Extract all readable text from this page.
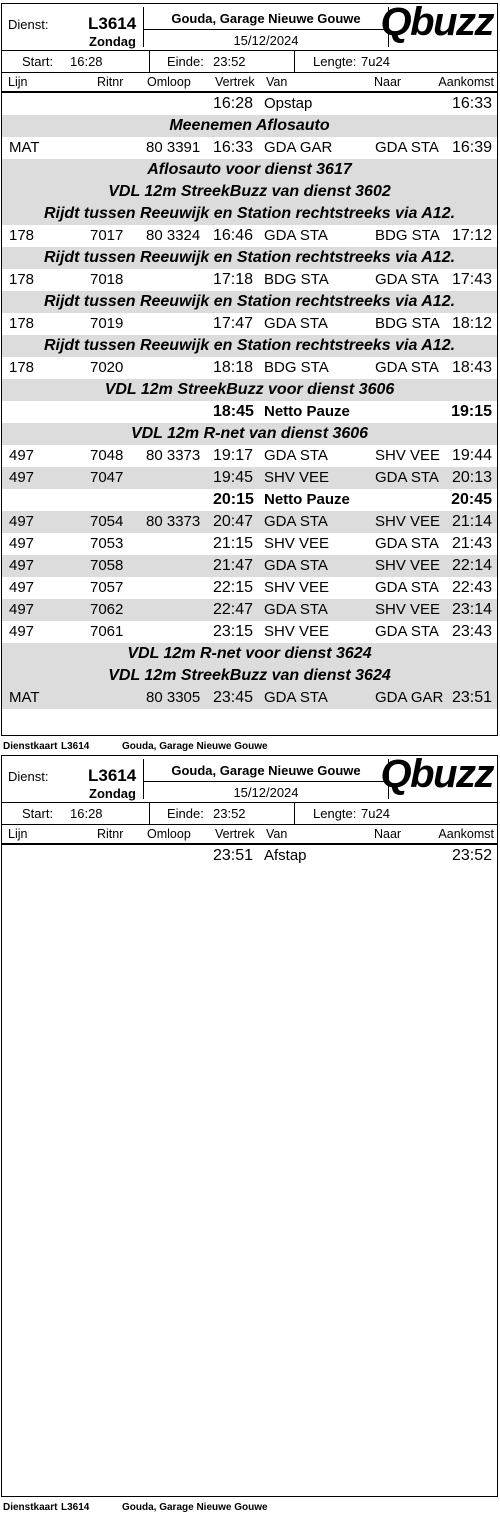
Dienst: L3614
Zondag
Gouda, Garage Nieuwe Gouwe
15/12/2024	Qbuzz
Start: 16:28	Einde: 23:52	Lengte: 7u24
Lijn	Ritnr Omloop Vertrek Van	Naar	Aankomst
16:28 Opstap	16:33
Meenemen Aflosauto
MAT	80 3391 16:33 GDA GAR	GDA STA 16:39
Aflosauto voor dienst 3617
VDL 12m StreekBuzz van dienst 3602
Rijdt tussen Reeuwijk en Station rechtstreeks via A12.
178	7017 80 3324 16:46 GDA STA	BDG STA 17:12
Rijdt tussen Reeuwijk en Station rechtstreeks via A12.
178	7018	17:18 BDG STA	GDA STA 17:43
Rijdt tussen Reeuwijk en Station rechtstreeks via A12.
178	7019	17:47 GDA STA	BDG STA 18:12
Rijdt tussen Reeuwijk en Station rechtstreeks via A12.
178	7020	18:18 BDG STA	GDA STA 18:43
VDL 12m StreekBuzz voor dienst 3606
18:45 Netto Pauze	19:15
VDL 12m R-net van dienst 3606
497	7048 80 3373 19:17 GDA STA	SHV VEE 19:44
497	7047	19:45 SHV VEE	GDA STA 20:13
20:15 Netto Pauze	20:45
497	7054 80 3373 20:47 GDA STA	SHV VEE 21:14
497	7053	21:15 SHV VEE	GDA STA 21:43
497	7058	21:47 GDA STA	SHV VEE 22:14
497	7057	22:15 SHV VEE	GDA STA 22:43
497	7062	22:47 GDA STA	SHV VEE 23:14
497	7061	23:15 SHV VEE	GDA STA 23:43
VDL 12m R-net voor dienst 3624
VDL 12m StreekBuzz van dienst 3624
MAT	80 3305 23:45 GDA STA	GDA GAR 23:51
Dienstkaart L3614	Gouda, Garage Nieuwe Gouwe
Dienst: L3614
Zondag
Gouda, Garage Nieuwe Gouwe
15/12/2024	Qbuzz
Start: 16:28	Einde: 23:52	Lengte: 7u24
Lijn	Ritnr Omloop Vertrek Van	Naar	Aankomst
23:51 Afstap	23:52
Dienstkaart L3614	Gouda, Garage Nieuwe Gouwe
